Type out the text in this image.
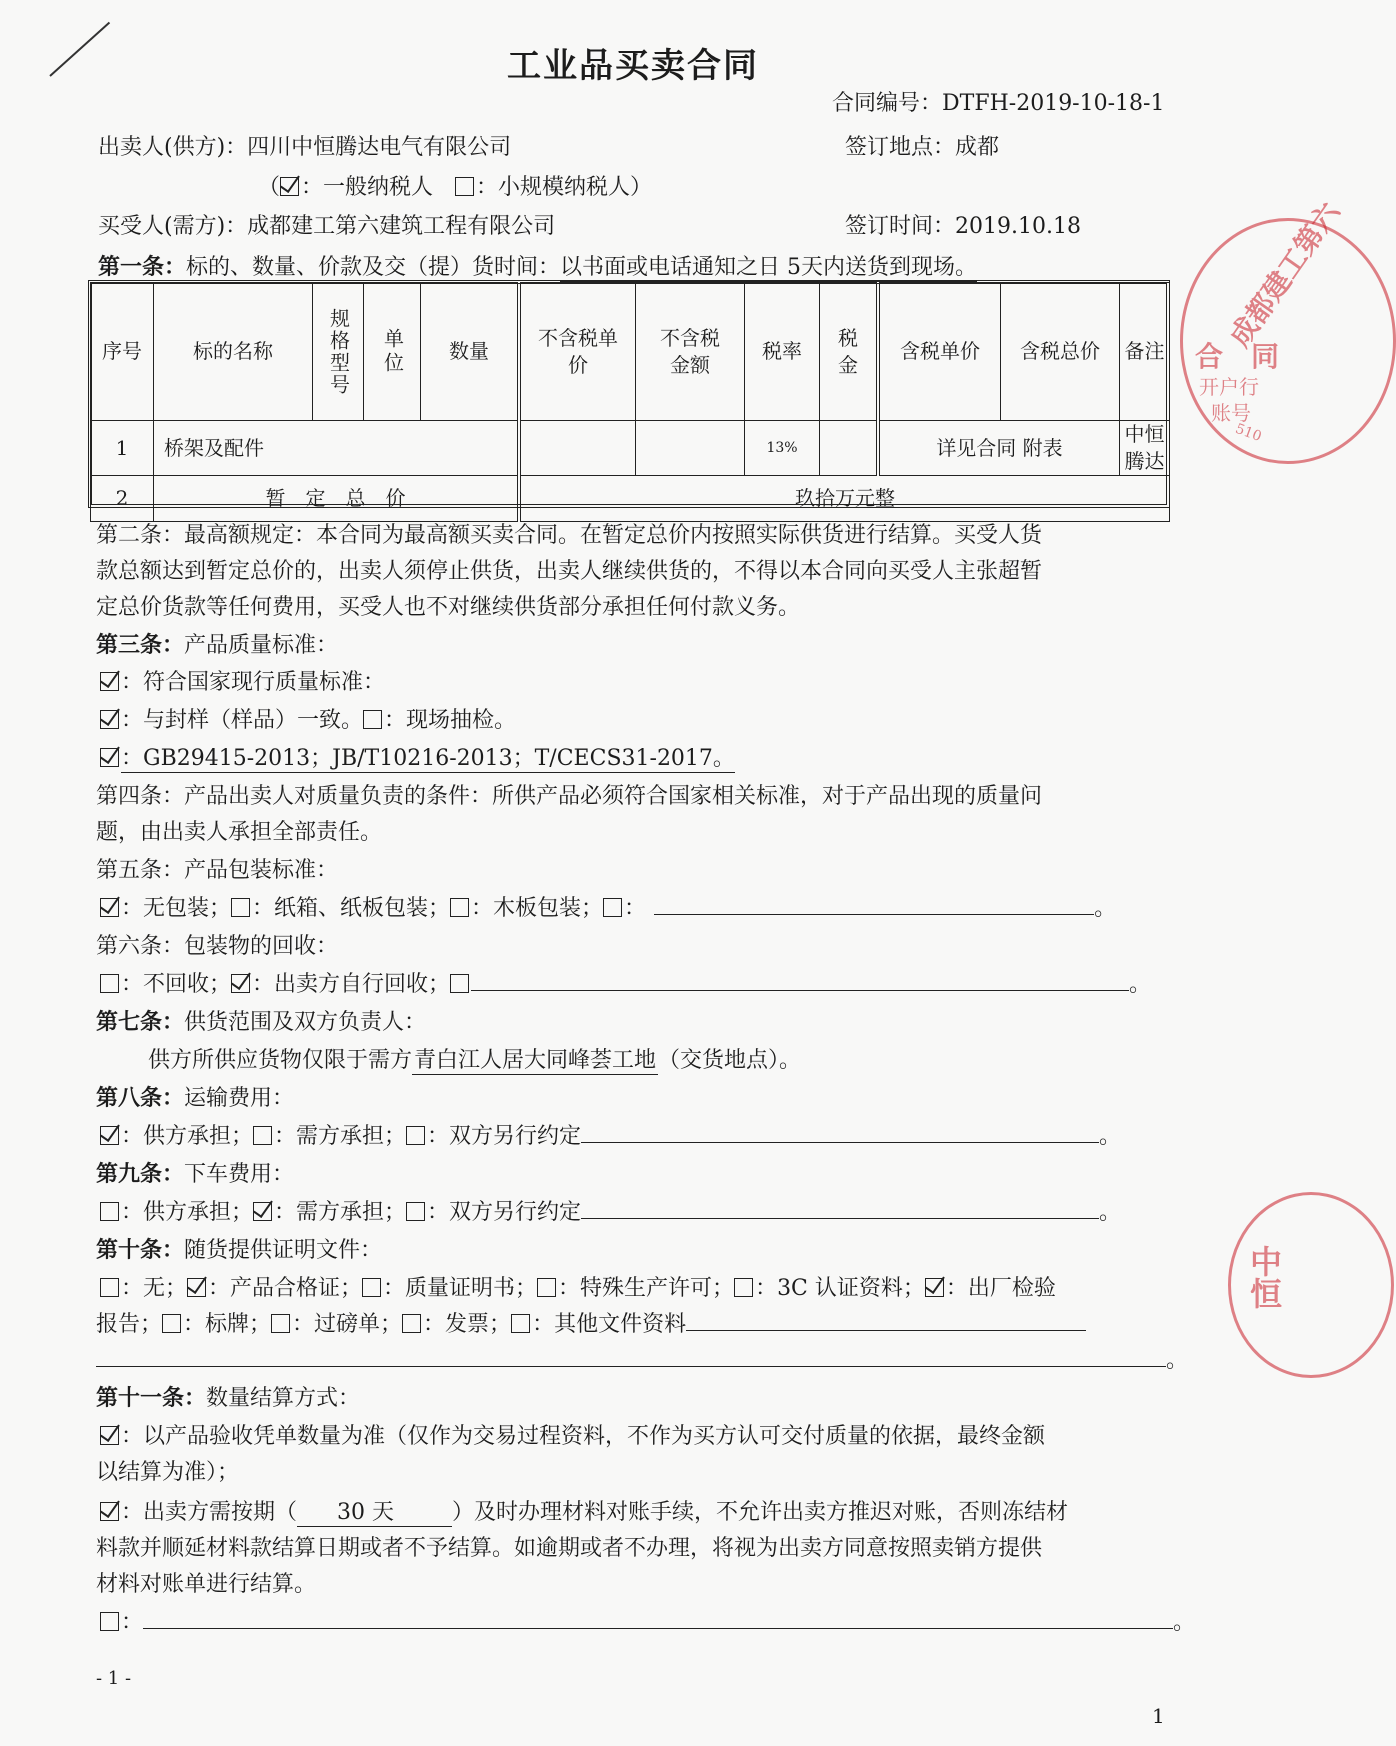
工业品买卖合同
合同编号：DTFH-2019-10-18-1
出卖人(供方)：四川中恒腾达电气有限公司	签订地点：成都
（ ：一般纳税人　 ：小规模纳税人）
买受人(需方)：成都建工第六建筑工程有限公司	签订时间：2019.10.18
第一条：标的、数量、价款及交（提）货时间：以书面或电话通知之日 5天内送货到现场。
序号	标的名称	规格型号	单位	数量	不含税单价	不含税金额	税率	税金	含税单价	含税总价	备注
1	桥架及配件						13%		详见合同 附表		中恒腾达
2	暂　定　总　价				玖拾万元整						
第二条：最高额规定：本合同为最高额买卖合同。在暂定总价内按照实际供货进行结算。买受人货
款总额达到暂定总价的，出卖人须停止供货，出卖人继续供货的，不得以本合同向买受人主张超暂
定总价货款等任何费用，买受人也不对继续供货部分承担任何付款义务。
第三条：产品质量标准：
：符合国家现行质量标准：
：与封样（样品）一致。 ：现场抽检。
：GB29415-2013；JB/T10216-2013；T/CECS31-2017。
第四条：产品出卖人对质量负责的条件：所供产品必须符合国家相关标准，对于产品出现的质量问
题，由出卖人承担全部责任。
第五条：产品包装标准：
：无包装； ：纸箱、纸板包装； ：木板包装； ：	。
第六条：包装物的回收：
：不回收； ：出卖方自行回收；	。
第七条：供货范围及双方负责人：
供方所供应货物仅限于需方青白江人居大同峰荟工地（交货地点）。
第八条：运输费用：
：供方承担； ：需方承担； ：双方另行约定	。
第九条：下车费用：
：供方承担； ：需方承担； ：双方另行约定	。
第十条：随货提供证明文件：
：无； ：产品合格证； ：质量证明书； ：特殊生产许可； ：3C 认证资料； ：出厂检验
报告； ：标牌； ：过磅单； ：发票； ：其他文件资料
。
第十一条：数量结算方式：
：以产品验收凭单数量为准（仅作为交易过程资料，不作为买方认可交付质量的依据，最终金额
以结算为准）；
：出卖方需按期（ 30 天	）及时办理材料对账手续，不允许出卖方推迟对账，否则冻结材
料款并顺延材料款结算日期或者不予结算。如逾期或者不办理，将视为出卖方同意按照卖销方提供
材料对账单进行结算。
：	。
- 1 -
1
成都建工第六
合　同
开户行
账号
510
中恒
